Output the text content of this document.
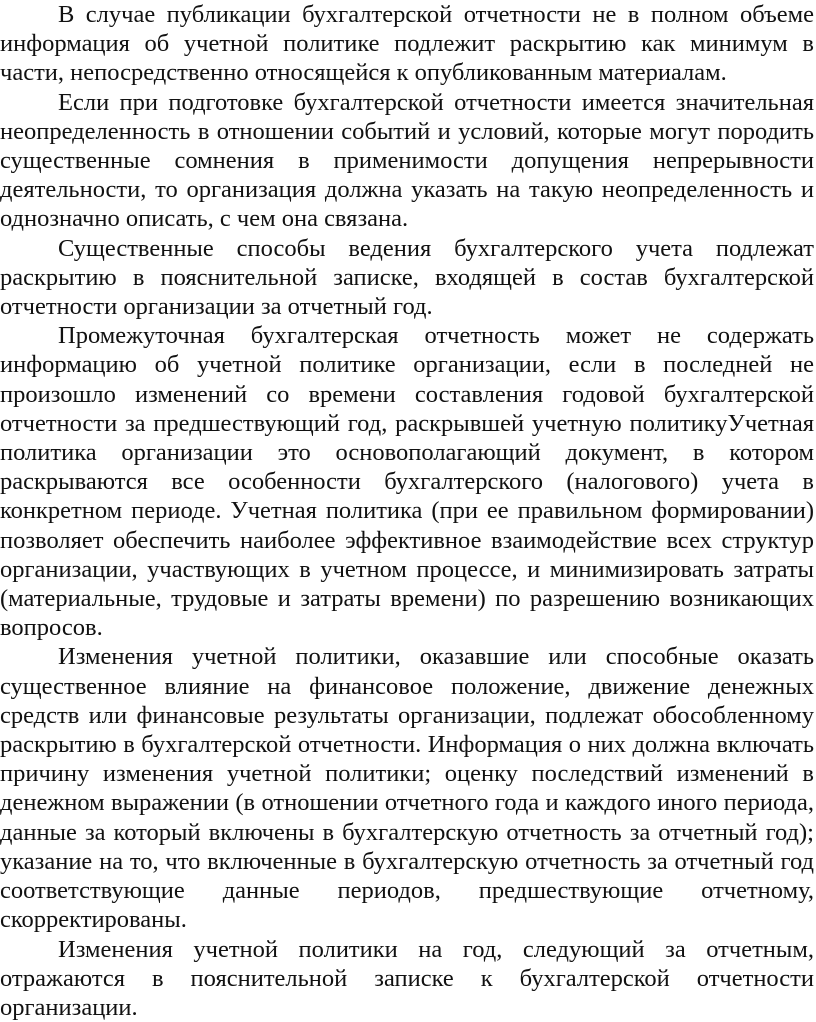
В случае публикации бухгалтерской отчетности не в полном объеме информация об учетной политике подлежит раскрытию как минимум в части, непосредственно относящейся к опубликованным материалам.

Если при подготовке бухгалтерской отчетности имеется значительная неопределенность в отношении событий и условий, которые могут породить существенные сомнения в применимости допущения непрерывности деятельности, то организация должна указать на такую неопределенность и однозначно описать, с чем она связана.

Существенные способы ведения бухгалтерского учета подлежат раскрытию в пояснительной записке, входящей в состав бухгалтерской отчетности организации за отчетный год.

Промежуточная бухгалтерская отчетность может не содержать информацию об учетной политике организации, если в последней не произошло изменений со времени составления годовой бухгалтерской отчетности за предшествующий год, раскрывшей учетную политикуУчетная политика организации это основополагающий документ, в котором раскрываются все особенности бухгалтерского (налогового) учета в конкретном периоде. Учетная политика (при ее правильном формировании) позволяет обеспечить наиболее эффективное взаимодействие всех структур организации, участвующих в учетном процессе, и минимизировать затраты (материальные, трудовые и затраты времени) по разрешению возникающих вопросов.

Изменения учетной политики, оказавшие или способные оказать существенное влияние на финансовое положение, движение денежных средств или финансовые результаты организации, подлежат обособленному раскрытию в бухгалтерской отчетности. Информация о них должна включать причину изменения учетной политики; оценку последствий изменений в денежном выражении (в отношении отчетного года и каждого иного периода, данные за который включены в бухгалтерскую отчетность за отчетный год); указание на то, что включенные в бухгалтерскую отчетность за отчетный год соответствующие данные периодов, предшествующие отчетному, скорректированы.

Изменения учетной политики на год, следующий за отчетным, отражаются в пояснительной записке к бухгалтерской отчетности организации.
